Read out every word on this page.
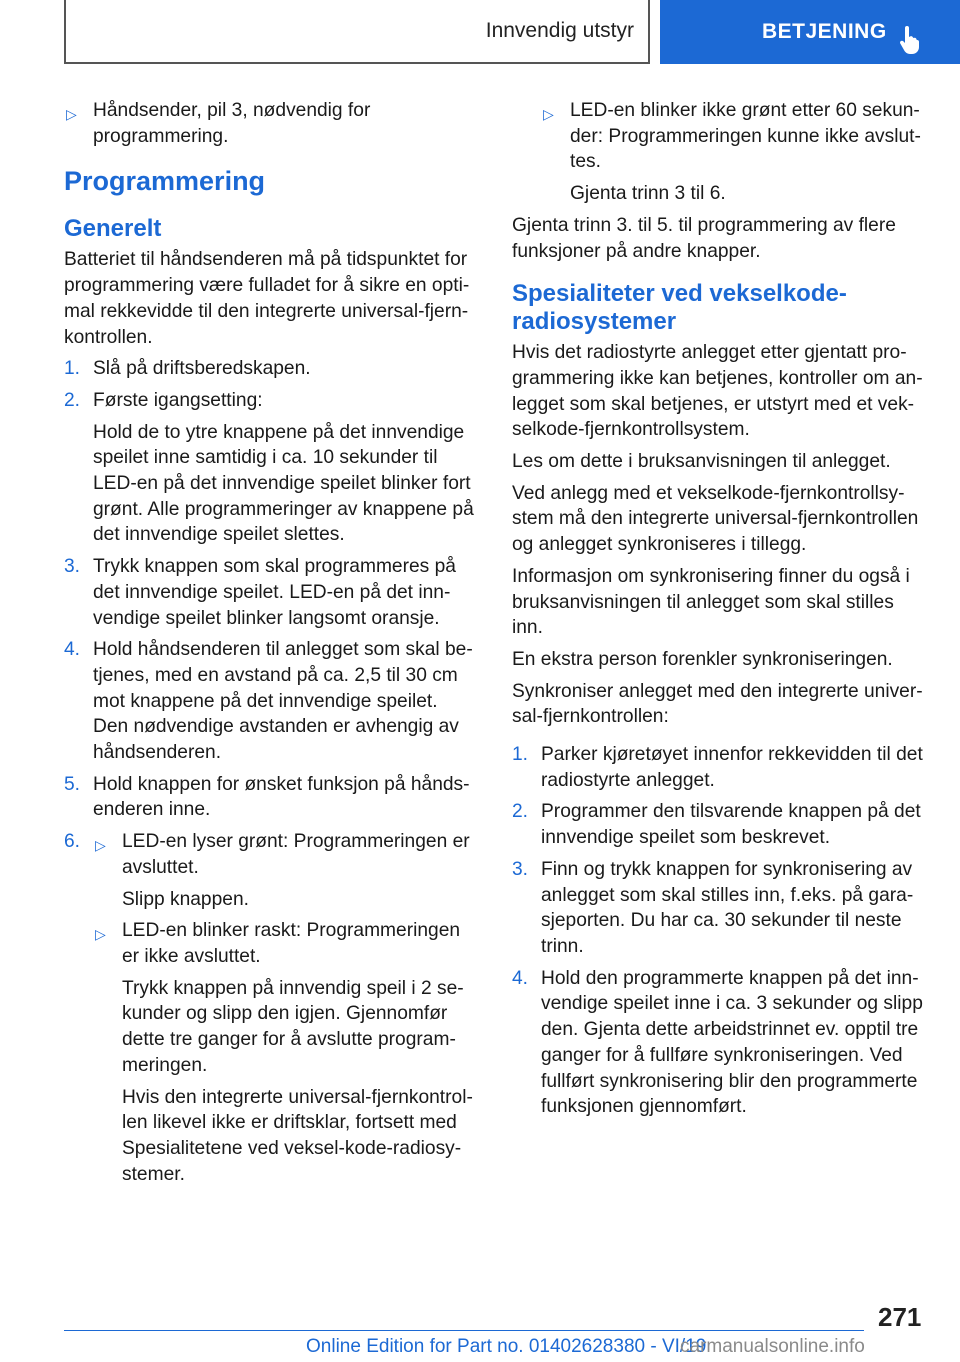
Innvendig utstyr	BETJENING
▷ Håndsender, pil 3, nødvendig for programmering.
Programmering
Generelt

Batteriet til håndsenderen må på tidspunktet for programmering være fulladet for å sikre en optimal rekkevidde til den integrerte universal-fjernkontrollen.

1. Slå på driftsberedskapen.
2. Første igangsetting:

Hold de to ytre knappene på det innvendige speilet inne samtidig i ca. 10 sekunder til LED-en på det innvendige speilet blinker fort grønt. Alle programmeringer av knappene på det innvendige speilet slettes.

3. Trykk knappen som skal programmeres på det innvendige speilet. LED-en på det innvendige speilet blinker langsomt oransje.
4. Hold håndsenderen til anlegget som skal betjenes, med en avstand på ca. 2,5 til 30 cm mot knappene på det innvendige speilet. Den nødvendige avstanden er avhengig av håndsenderen.
5. Hold knappen for ønsket funksjon på håndsenderen inne.
6. ▷ LED-en lyser grønt: Programmeringen er avsluttet.

Slipp knappen.

▷ LED-en blinker raskt: Programmeringen er ikke avsluttet.

Trykk knappen på innvendig speil i 2 sekunder og slipp den igjen. Gjennomfør dette tre ganger for å avslutte programmeringen.

Hvis den integrerte universal-fjernkontrollen likevel ikke er driftsklar, fortsett med Spesialitetene ved veksel-kode-radiosystemer.

▷ LED-en blinker ikke grønt etter 60 sekunder: Programmeringen kunne ikke avsluttes.

Gjenta trinn 3 til 6.

Gjenta trinn 3. til 5. til programmering av flere funksjoner på andre knapper.

Spesialiteter ved vekselkoderadiosystemer

Hvis det radiostyrte anlegget etter gjentatt programmering ikke kan betjenes, kontroller om anlegget som skal betjenes, er utstyrt med et vekselkode-fjernkontrollsystem.

Les om dette i bruksanvisningen til anlegget.

Ved anlegg med et vekselkode-fjernkontrollsystem må den integrerte universal-fjernkontrollen og anlegget synkroniseres i tillegg.

Informasjon om synkronisering finner du også i bruksanvisningen til anlegget som skal stilles inn.

En ekstra person forenkler synkroniseringen.

Synkroniser anlegget med den integrerte universal-fjernkontrollen:

1. Parker kjøretøyet innenfor rekkevidden til det radiostyrte anlegget.
2. Programmer den tilsvarende knappen på det innvendige speilet som beskrevet.
3. Finn og trykk knappen for synkronisering av anlegget som skal stilles inn, f.eks. på garasjeporten. Du har ca. 30 sekunder til neste trinn.
4. Hold den programmerte knappen på det innvendige speilet inne i ca. 3 sekunder og slipp den. Gjenta dette arbeidstrinnet ev. opptil tre ganger for å fullføre synkroniseringen. Ved fullført synkronisering blir den programmerte funksjonen gjennomført.
271
Online Edition for Part no. 01402628380 - VI/19
carmanualsonline.info
